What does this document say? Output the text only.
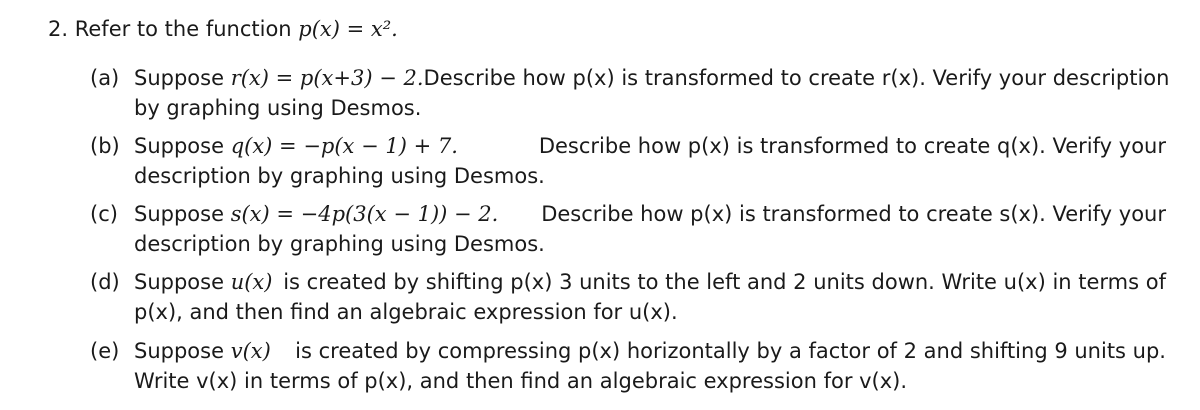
2. Refer to the function p(x) = x².
(a) Suppose r(x) = p(x+3) − 2. Describe how p(x) is transformed to create r(x). Verify your description
by graphing using Desmos.
(b) Suppose q(x) = −p(x − 1) + 7.	Describe how p(x) is transformed to create q(x). Verify your
description by graphing using Desmos.
(c) Suppose s(x) = −4p(3(x − 1)) − 2. Describe how p(x) is transformed to create s(x). Verify your
description by graphing using Desmos.
(d) Suppose u(x) is created by shifting p(x) 3 units to the left and 2 units down. Write u(x) in terms of
p(x), and then find an algebraic expression for u(x).
(e) Suppose v(x) is created by compressing p(x) horizontally by a factor of 2 and shifting 9 units up.
Write v(x) in terms of p(x), and then find an algebraic expression for v(x).
